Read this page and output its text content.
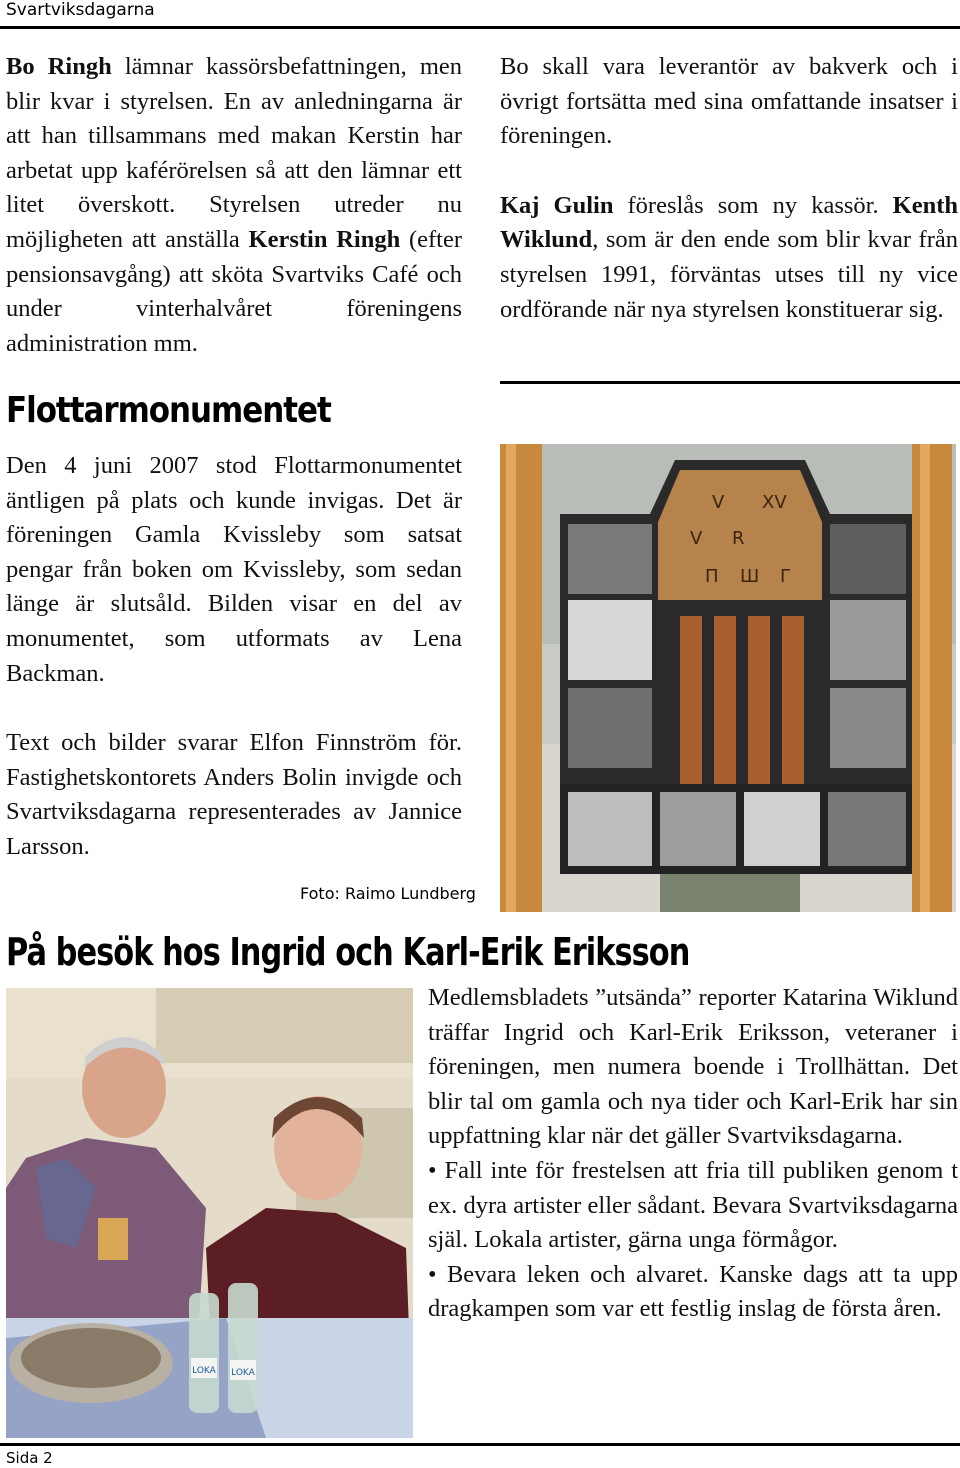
Svartviksdagarna

Bo Ringh lämnar kassörsbefattningen, men blir kvar i styrelsen. En av anledningarna är att han tillsammans med makan Kerstin har arbetat upp kaférörelsen så att den lämnar ett litet överskott. Styrelsen utreder nu möjligheten att anställa Kerstin Ringh (efter pensionsavgång) att sköta Svartviks Café och under vinterhalvåret föreningens administration mm.

Bo skall vara leverantör av bakverk och i övrigt fortsätta med sina omfattande insatser i föreningen.

Kaj Gulin föreslås som ny kassör. Kenth Wiklund, som är den ende som blir kvar från styrelsen 1991, förväntas utses till ny vice ordförande när nya styrelsen konstituerar sig.

Flottarmonumentet

Den 4 juni 2007 stod Flottarmonumentet äntligen på plats och kunde invigas. Det är föreningen Gamla Kvissleby som satsat pengar från boken om Kvissleby, som sedan länge är slutsåld. Bilden visar en del av monumentet, som utformats av Lena Backman.

Text och bilder svarar Elfon Finnström för. Fastighetskontorets Anders Bolin invigde och Svartviksdagarna representerades av Jannice Larsson.

V XV
V R
Π Ш Г
Foto: Raimo Lundberg
På besök hos Ingrid och Karl-Erik Eriksson
LOKA LOKA

Medlemsbladets ”utsända” reporter Katarina Wiklund träffar Ingrid och Karl-Erik Eriksson, veteraner i föreningen, men numera boende i Trollhättan. Det blir tal om gamla och nya tider och Karl-Erik har sin uppfattning klar när det gäller Svartviksdagarna.

• Fall inte för frestelsen att fria till publiken genom t ex. dyra artister eller sådant. Bevara Svartviksdagarna själ. Lokala artister, gärna unga förmågor.

• Bevara leken och alvaret. Kanske dags att ta upp dragkampen som var ett festlig inslag de första åren.

Sida 2
